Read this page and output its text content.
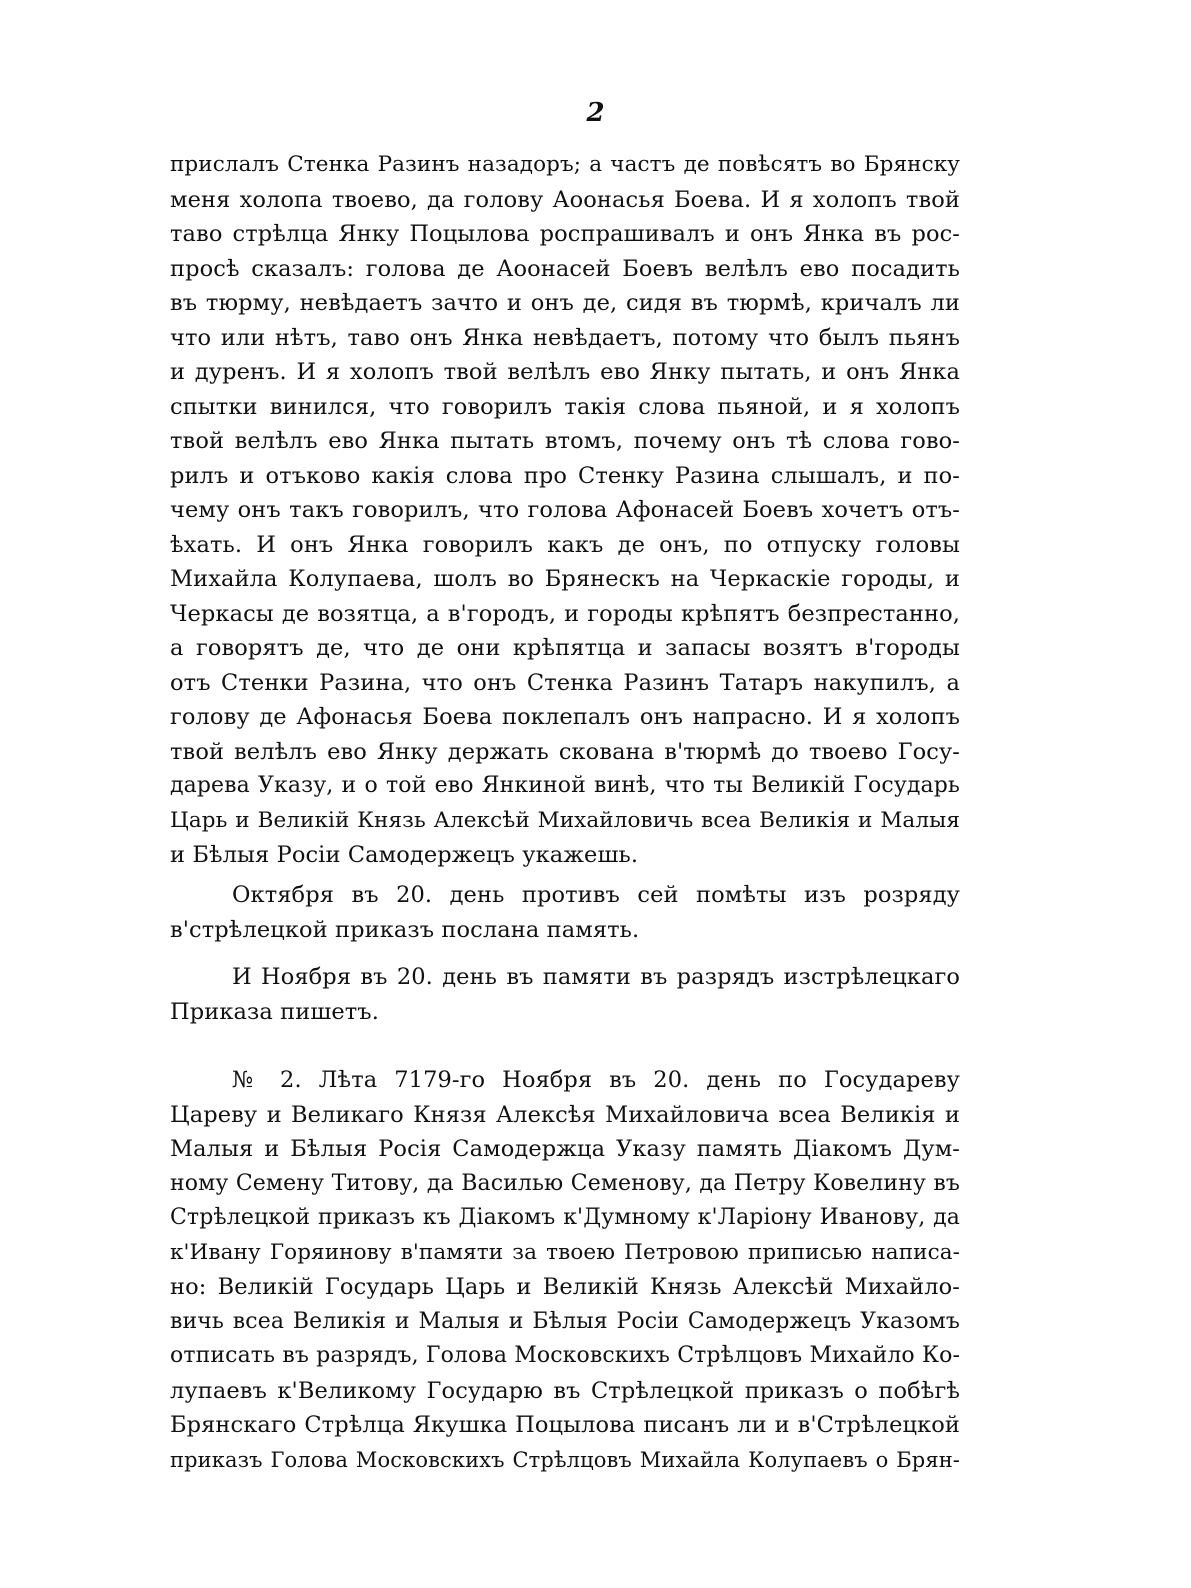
2
прислалъ Стенка Разинъ назадоръ; а частъ де повѣсятъ во Брянску
меня холопа твоево, да голову Аоонасья Боева. И я холопъ твой
таво стрѣлца Янку Поцылова роспрашивалъ и онъ Янка въ рос-
просѣ сказалъ: голова де Аоонасей Боевъ велѣлъ ево посадить
въ тюрму, невѣдаетъ зачто и онъ де, сидя въ тюрмѣ, кричалъ ли
что или нѣтъ, таво онъ Янка невѣдаетъ, потому что былъ пьянъ
и дуренъ. И я холопъ твой велѣлъ ево Янку пытать, и онъ Янка
спытки винился, что говорилъ такія слова пьяной, и я холопъ
твой велѣлъ ево Янка пытать втомъ, почему онъ тѣ слова гово-
рилъ и отъково какія слова про Стенку Разина слышалъ, и по-
чему онъ такъ говорилъ, что голова Афонасей Боевъ хочетъ отъ-
ѣхать. И онъ Янка говорилъ какъ де онъ, по отпуску головы
Михайла Колупаева, шолъ во Брянескъ на Черкаскіе городы, и
Черкасы де возятца, а в'городъ, и городы крѣпятъ безпрестанно,
а говорятъ де, что де они крѣпятца и запасы возятъ в'городы
отъ Стенки Разина, что онъ Стенка Разинъ Татаръ накупилъ, а
голову де Афонасья Боева поклепалъ онъ напрасно. И я холопъ
твой велѣлъ ево Янку держать скована в'тюрмѣ до твоево Госу-
дарева Указу, и о той ево Янкиной винѣ, что ты Великій Государь
Царь и Великій Князь Алексѣй Михайловичь всеа Великія и Малыя
и Бѣлыя Росіи Самодержецъ укажешь.
Октября въ 20. день противъ сей помѣты изъ розряду
в'стрѣлецкой приказъ послана память.
И Ноября въ 20. день въ памяти въ разрядъ изстрѣлецкаго
Приказа пишетъ.
№ 2. Лѣта 7179-го Ноября въ 20. день по Государеву
Цареву и Великаго Князя Алексѣя Михайловича всеа Великія и
Малыя и Бѣлыя Росія Самодержца Указу память Діакомъ Дум-
ному Семену Титову, да Василью Семенову, да Петру Ковелину въ
Стрѣлецкой приказъ къ Діакомъ к'Думному к'Ларіону Иванову, да
к'Ивану Горяинову в'памяти за твоею Петровою приписью написа-
но: Великій Государь Царь и Великій Князь Алексѣй Михайло-
вичь всеа Великія и Малыя и Бѣлыя Росіи Самодержецъ Указомъ
отписать въ разрядъ, Голова Московскихъ Стрѣлцовъ Михайло Ко-
лупаевъ к'Великому Государю въ Стрѣлецкой приказъ о побѣгѣ
Брянскаго Стрѣлца Якушка Поцылова писанъ ли и в'Стрѣлецкой
приказъ Голова Московскихъ Стрѣлцовъ Михайла Колупаевъ о Брян-
